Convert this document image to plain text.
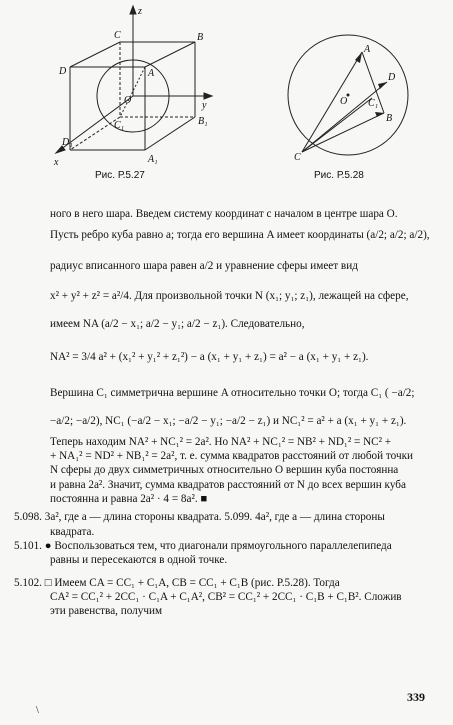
z
y
x
C	B
D	A
O
C₁	B₁
D₁
A₁
Рис. Р.5.27
A
D
O C₁
B
C
Рис. Р.5.28
ного в него шара. Введем систему координат с началом в центре шара O.
Пусть ребро куба равно a; тогда его вершина A имеет координаты (a/2; a/2; a/2),
радиус вписанного шара равен a/2 и уравнение сферы имеет вид
x² + y² + z² = a²/4. Для произвольной точки N (x₁; y₁; z₁), лежащей на сфере,
имеем NA (a/2 − x₁; a/2 − y₁; a/2 − z₁). Следовательно,
NA² = 3/4 a² + (x₁² + y₁² + z₁²) − a (x₁ + y₁ + z₁) = a² − a (x₁ + y₁ + z₁).
Вершина C₁ симметрична вершине A относительно точки O; тогда C₁ ( −a/2;
−a/2; −a/2), NC₁ (−a/2 − x₁; −a/2 − y₁; −a/2 − z₁) и NC₁² = a² + a (x₁ + y₁ + z₁).
Теперь находим NA² + NC₁² = 2a². Но NA² + NC₁² = NB² + ND₁² = NC² +
+ NA₁² = ND² + NB₁² = 2a², т. е. сумма квадратов расстояний от любой точки
N сферы до двух симметричных относительно O вершин куба постоянна
и равна 2a². Значит, сумма квадратов расстояний от N до всех вершин куба
постоянна и равна 2a² · 4 = 8a². ■
5.098. 3a², где a — длина стороны квадрата. 5.099. 4a², где a — длина стороны
квадрата.
5.101. ● Воспользоваться тем, что диагонали прямоугольного параллелепипеда
равны и пересекаются в одной точке.
5.102. □ Имеем CA = CC₁ + C₁A, CB = CC₁ + C₁B (рис. Р.5.28). Тогда
CA² = CC₁² + 2CC₁ · C₁A + C₁A², CB² = CC₁² + 2CC₁ · C₁B + C₁B². Сложив
эти равенства, получим
339
\
